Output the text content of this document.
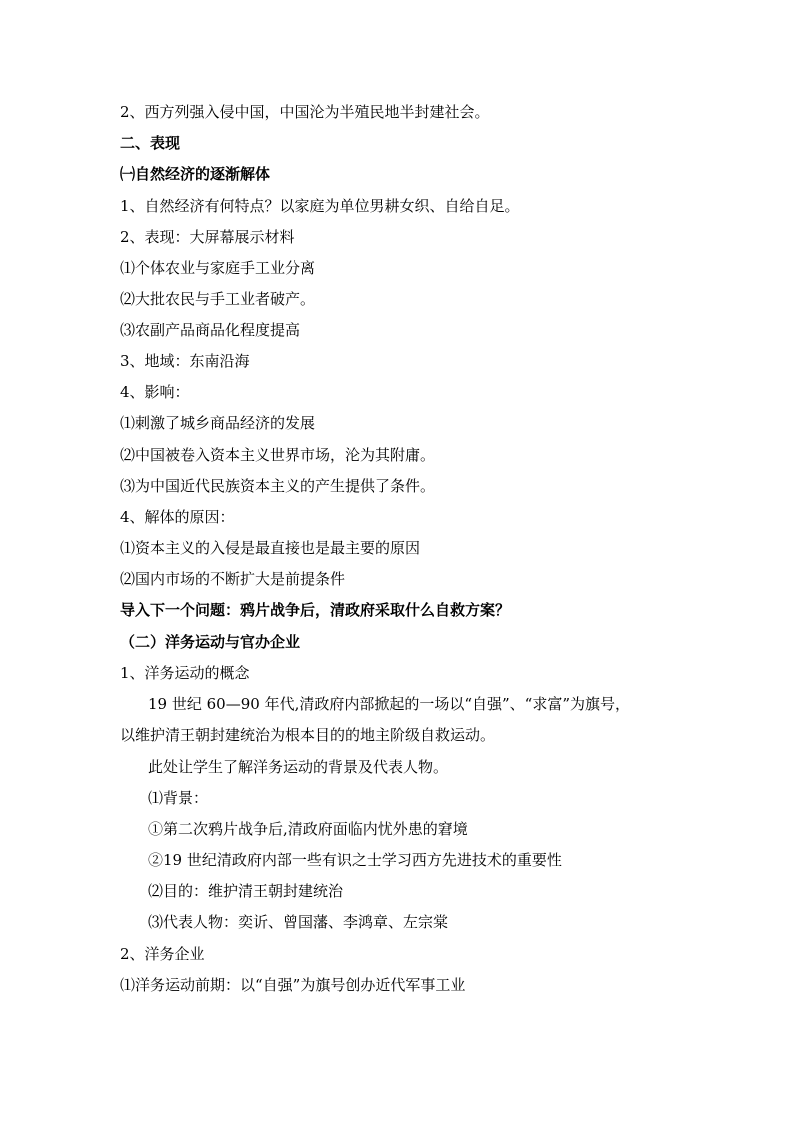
2、西方列强入侵中国，中国沦为半殖民地半封建社会。
二、表现
㈠自然经济的逐渐解体
1、自然经济有何特点？以家庭为单位男耕女织、自给自足。
2、表现：大屏幕展示材料
⑴个体农业与家庭手工业分离
⑵大批农民与手工业者破产。
⑶农副产品商品化程度提高
3、地域：东南沿海
4、影响：
⑴刺激了城乡商品经济的发展
⑵中国被卷入资本主义世界市场，沦为其附庸。
⑶为中国近代民族资本主义的产生提供了条件。
4、解体的原因：
⑴资本主义的入侵是最直接也是最主要的原因
⑵国内市场的不断扩大是前提条件
导入下一个问题：鸦片战争后，清政府采取什么自救方案？
（二）洋务运动与官办企业
1、洋务运动的概念
19 世纪 60—90 年代,清政府内部掀起的一场以“自强”、“求富”为旗号，
以维护清王朝封建统治为根本目的的地主阶级自救运动。
此处让学生了解洋务运动的背景及代表人物。
⑴背景：
①第二次鸦片战争后,清政府面临内忧外患的窘境
②19 世纪清政府内部一些有识之士学习西方先进技术的重要性
⑵目的：维护清王朝封建统治
⑶代表人物：奕䜣、曾国藩、李鸿章、左宗棠
2、洋务企业
⑴洋务运动前期：以“自强”为旗号创办近代军事工业
